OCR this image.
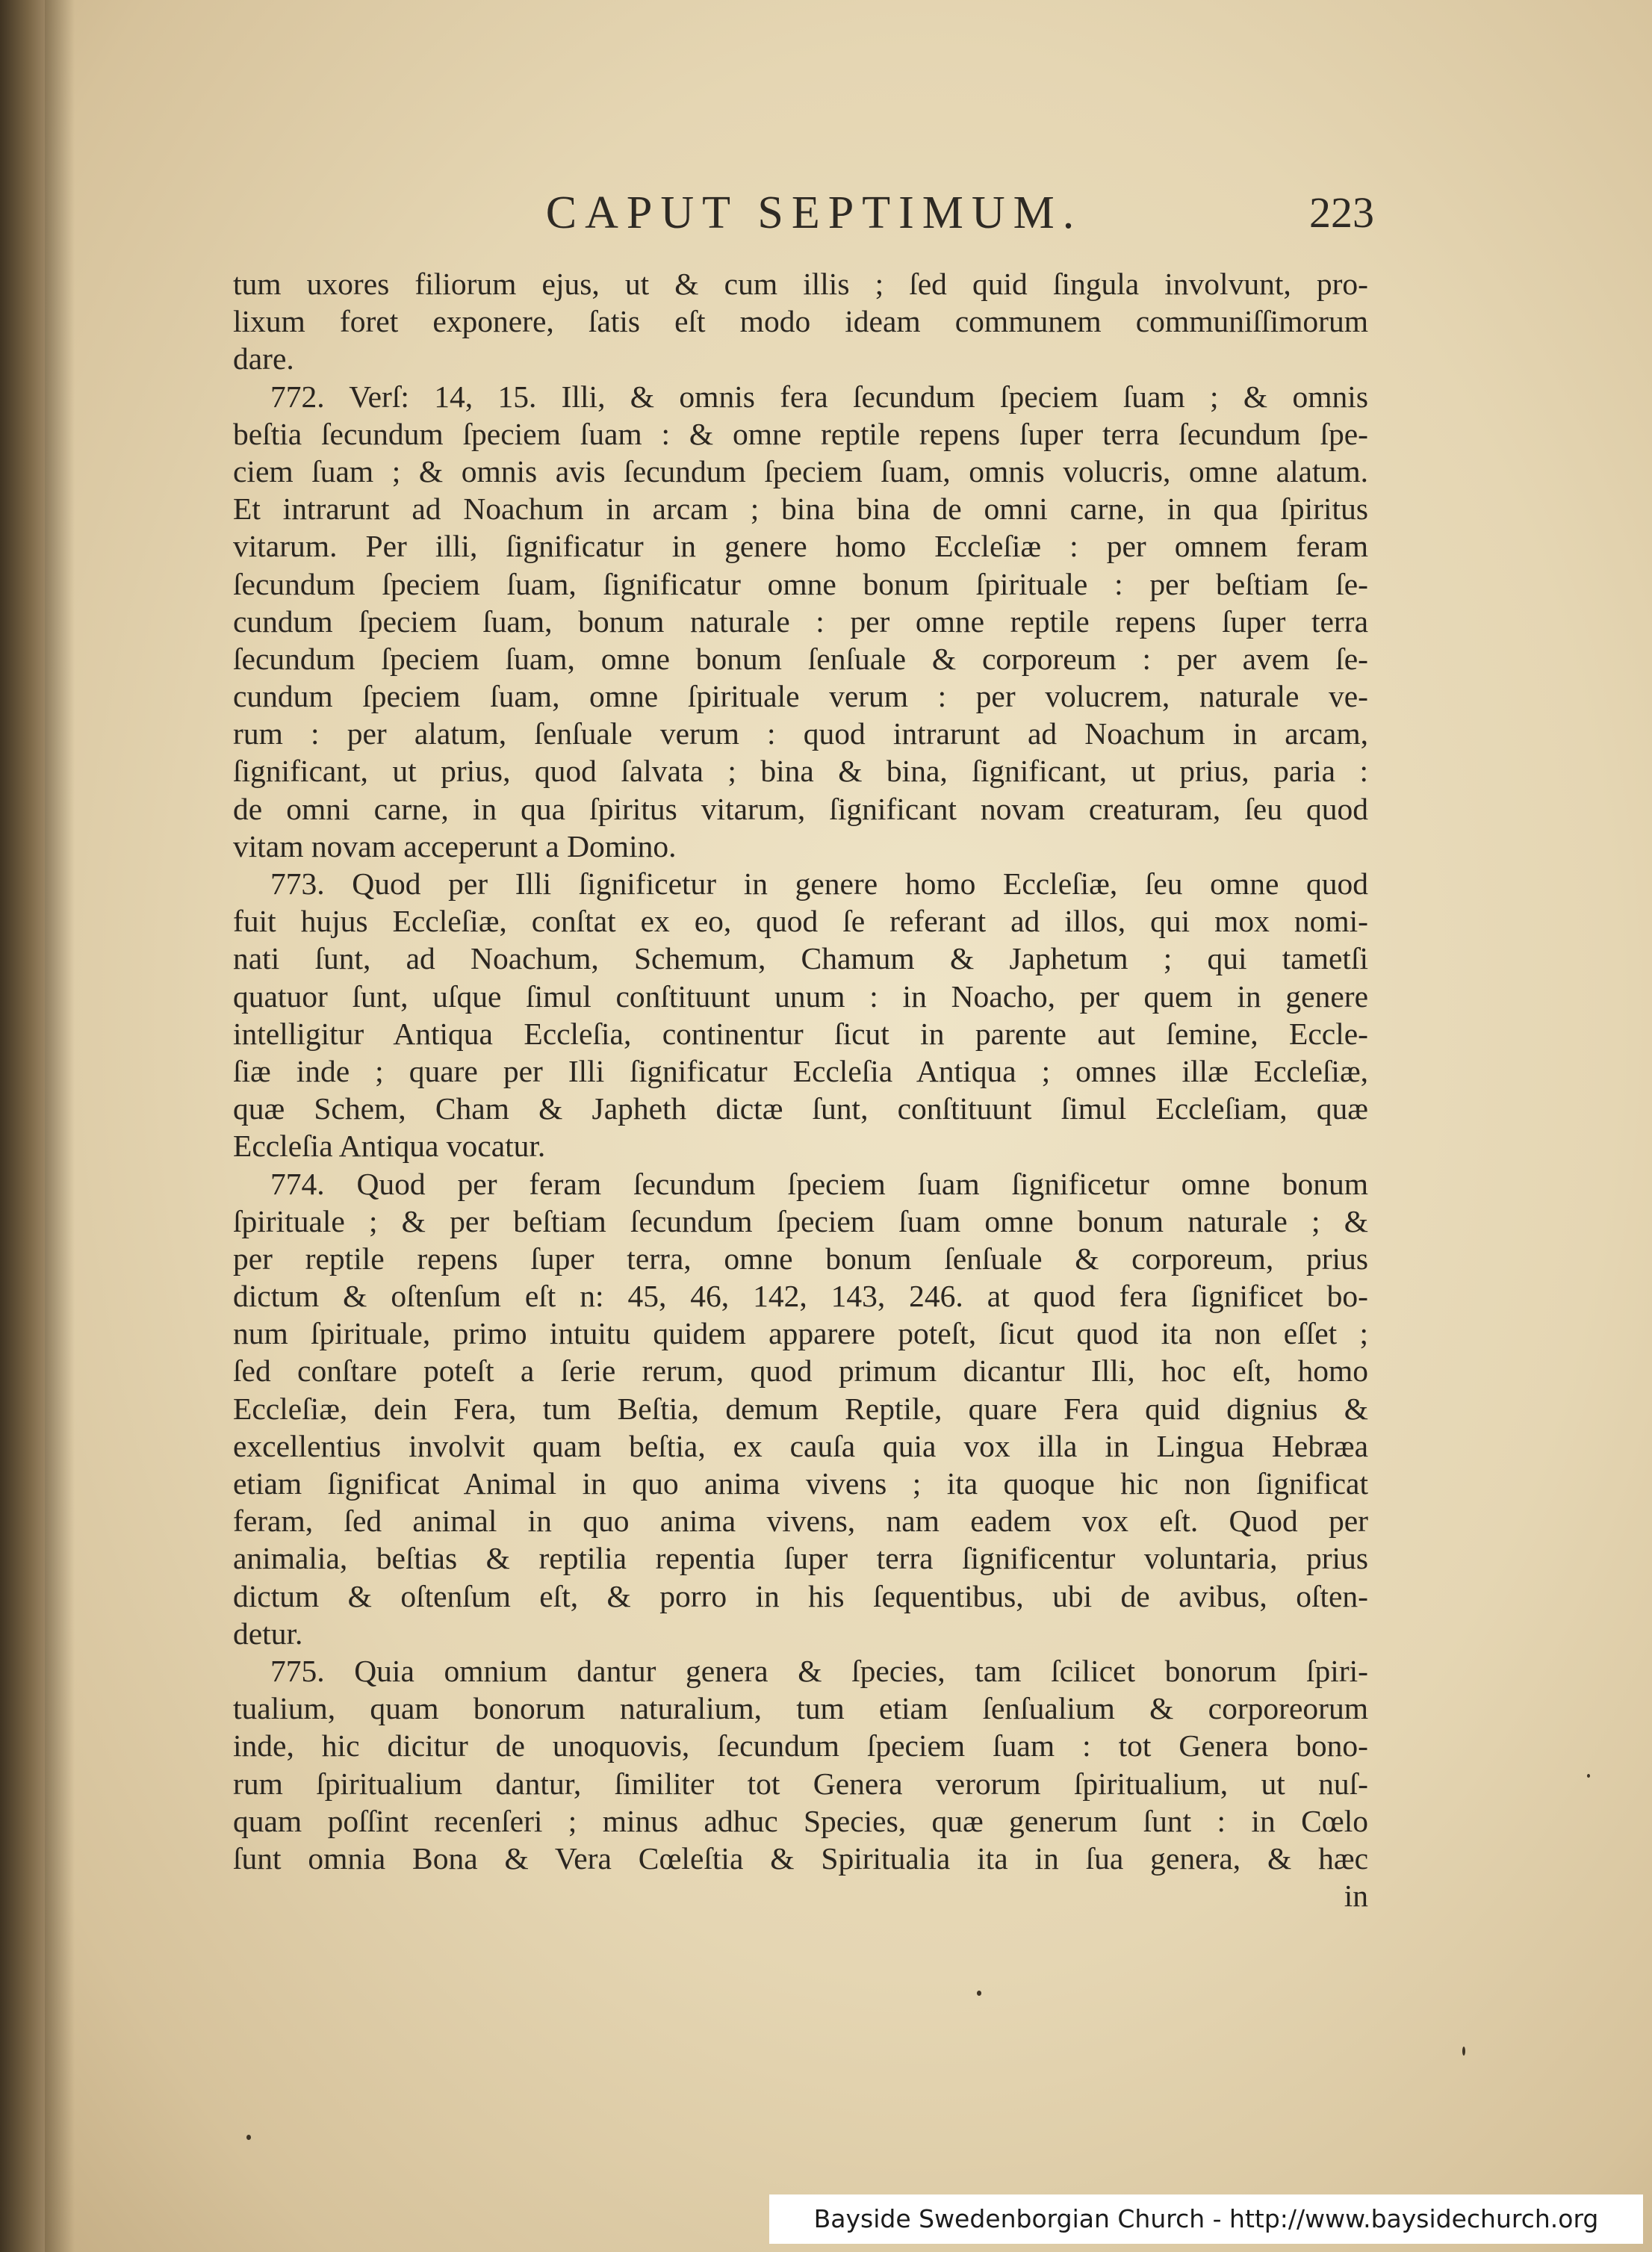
CAPUT SEPTIMUM.	223
tum uxores filiorum ejus, ut & cum illis ; ſed quid ſingula involvunt, pro-
lixum foret exponere, ſatis eſt modo ideam communem communiſſimorum
dare.
772. Verſ: 14, 15. Illi, & omnis fera ſecundum ſpeciem ſuam ; & omnis
beſtia ſecundum ſpeciem ſuam : & omne reptile repens ſuper terra ſecundum ſpe-
ciem ſuam ; & omnis avis ſecundum ſpeciem ſuam, omnis volucris, omne alatum.
Et intrarunt ad Noachum in arcam ; bina bina de omni carne, in qua ſpiritus
vitarum. Per illi, ſignificatur in genere homo Eccleſiæ : per omnem feram
ſecundum ſpeciem ſuam, ſignificatur omne bonum ſpirituale : per beſtiam ſe-
cundum ſpeciem ſuam, bonum naturale : per omne reptile repens ſuper terra
ſecundum ſpeciem ſuam, omne bonum ſenſuale & corporeum : per avem ſe-
cundum ſpeciem ſuam, omne ſpirituale verum : per volucrem, naturale ve-
rum : per alatum, ſenſuale verum : quod intrarunt ad Noachum in arcam,
ſignificant, ut prius, quod ſalvata ; bina & bina, ſignificant, ut prius, paria :
de omni carne, in qua ſpiritus vitarum, ſignificant novam creaturam, ſeu quod
vitam novam acceperunt a Domino.
773. Quod per Illi ſignificetur in genere homo Eccleſiæ, ſeu omne quod
fuit hujus Eccleſiæ, conſtat ex eo, quod ſe referant ad illos, qui mox nomi-
nati ſunt, ad Noachum, Schemum, Chamum & Japhetum ; qui tametſi
quatuor ſunt, uſque ſimul conſtituunt unum : in Noacho, per quem in genere
intelligitur Antiqua Eccleſia, continentur ſicut in parente aut ſemine, Eccle-
ſiæ inde ; quare per Illi ſignificatur Eccleſia Antiqua ; omnes illæ Eccleſiæ,
quæ Schem, Cham & Japheth dictæ ſunt, conſtituunt ſimul Eccleſiam, quæ
Eccleſia Antiqua vocatur.
774. Quod per feram ſecundum ſpeciem ſuam ſignificetur omne bonum
ſpirituale ; & per beſtiam ſecundum ſpeciem ſuam omne bonum naturale ; &
per reptile repens ſuper terra, omne bonum ſenſuale & corporeum, prius
dictum & oſtenſum eſt n: 45, 46, 142, 143, 246. at quod fera ſignificet bo-
num ſpirituale, primo intuitu quidem apparere poteſt, ſicut quod ita non eſſet ;
ſed conſtare poteſt a ſerie rerum, quod primum dicantur Illi, hoc eſt, homo
Eccleſiæ, dein Fera, tum Beſtia, demum Reptile, quare Fera quid dignius &
excellentius involvit quam beſtia, ex cauſa quia vox illa in Lingua Hebræa
etiam ſignificat Animal in quo anima vivens ; ita quoque hic non ſignificat
feram, ſed animal in quo anima vivens, nam eadem vox eſt. Quod per
animalia, beſtias & reptilia repentia ſuper terra ſignificentur voluntaria, prius
dictum & oſtenſum eſt, & porro in his ſequentibus, ubi de avibus, oſten-
detur.
775. Quia omnium dantur genera & ſpecies, tam ſcilicet bonorum ſpiri-
tualium, quam bonorum naturalium, tum etiam ſenſualium & corporeorum
inde, hic dicitur de unoquovis, ſecundum ſpeciem ſuam : tot Genera bono-
rum ſpiritualium dantur, ſimiliter tot Genera verorum ſpiritualium, ut nuſ-
quam poſſint recenſeri ; minus adhuc Species, quæ generum ſunt : in Cœlo
ſunt omnia Bona & Vera Cœleſtia & Spiritualia ita in ſua genera, & hæc
in
Bayside Swedenborgian Church - http://www.baysidechurch.org
